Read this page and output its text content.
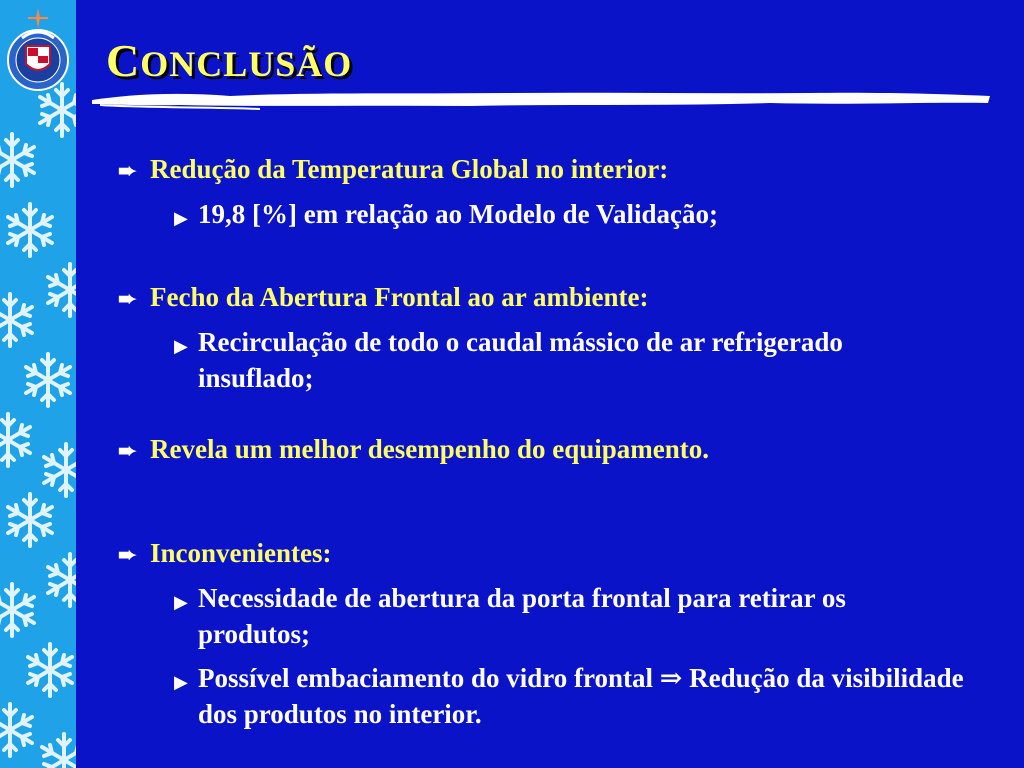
CONCLUSÃO
➨ Redução da Temperatura Global no interior:
▶ 19,8 [%] em relação ao Modelo de Validação;
➨ Fecho da Abertura Frontal ao ar ambiente:
▶ Recirculação de todo o caudal mássico de ar refrigerado insuflado;
➨ Revela um melhor desempenho do equipamento.
➨ Inconvenientes:
▶ Necessidade de abertura da porta frontal para retirar os produtos;
▶ Possível embaciamento do vidro frontal ⇒ Redução da visibilidade dos produtos no interior.
